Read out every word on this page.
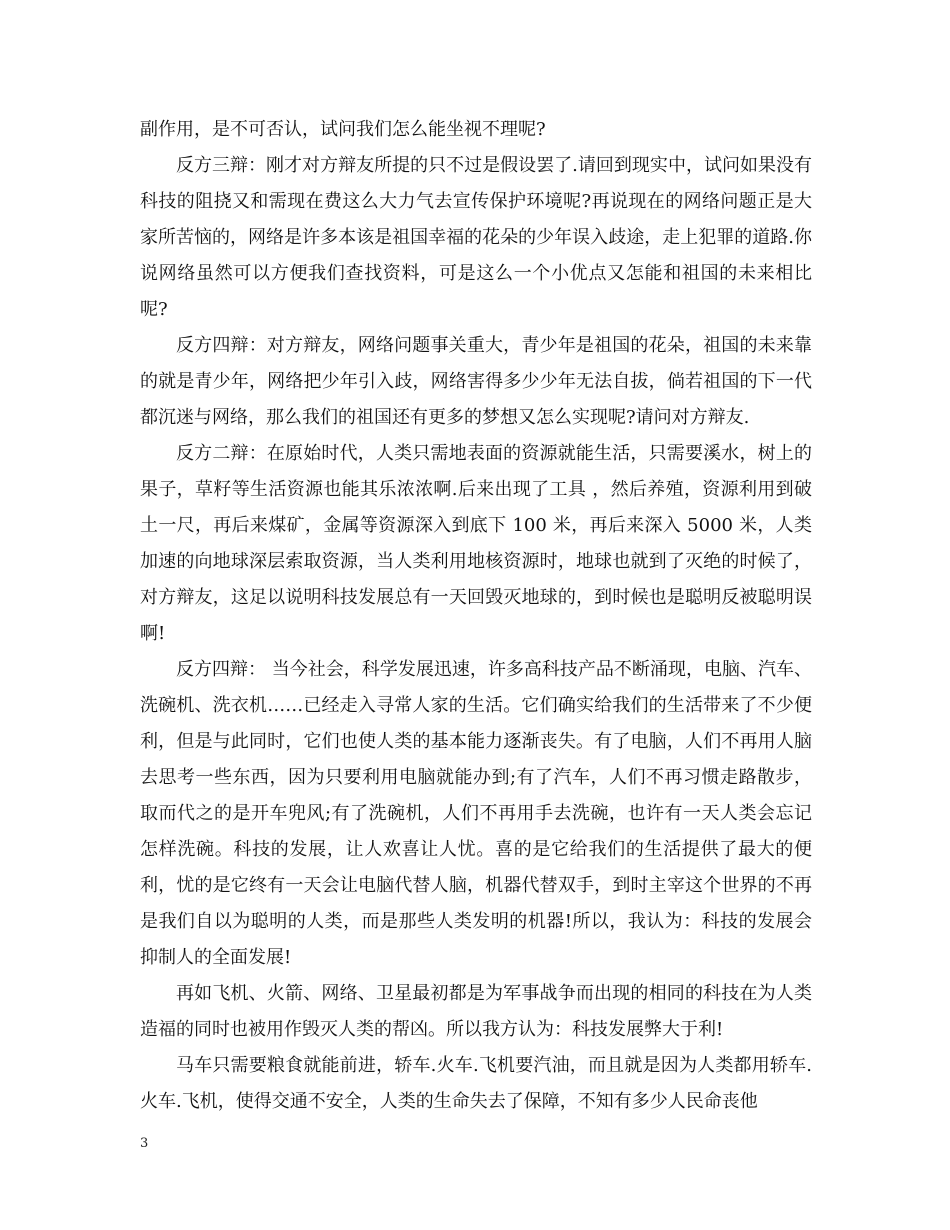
副作用，是不可否认，试问我们怎么能坐视不理呢?

反方三辩：刚才对方辩友所提的只不过是假设罢了.请回到现实中，试问如果没有科技的阻挠又和需现在费这么大力气去宣传保护环境呢?再说现在的网络问题正是大家所苦恼的，网络是许多本该是祖国幸福的花朵的少年误入歧途，走上犯罪的道路.你说网络虽然可以方便我们查找资料，可是这么一个小优点又怎能和祖国的未来相比呢?

反方四辩：对方辩友，网络问题事关重大，青少年是祖国的花朵，祖国的未来靠的就是青少年，网络把少年引入歧，网络害得多少少年无法自拔，倘若祖国的下一代都沉迷与网络，那么我们的祖国还有更多的梦想又怎么实现呢?请问对方辩友.

反方二辩：在原始时代，人类只需地表面的资源就能生活，只需要溪水，树上的果子，草籽等生活资源也能其乐浓浓啊.后来出现了工具 ，然后养殖，资源利用到破土一尺，再后来煤矿，金属等资源深入到底下 100 米，再后来深入 5000 米，人类加速的向地球深层索取资源，当人类利用地核资源时，地球也就到了灭绝的时候了，对方辩友，这足以说明科技发展总有一天回毁灭地球的，到时候也是聪明反被聪明误啊!

反方四辩： 当今社会，科学发展迅速，许多高科技产品不断涌现，电脑、汽车、洗碗机、洗衣机……已经走入寻常人家的生活。它们确实给我们的生活带来了不少便利，但是与此同时，它们也使人类的基本能力逐渐丧失。有了电脑，人们不再用人脑去思考一些东西，因为只要利用电脑就能办到;有了汽车，人们不再习惯走路散步，取而代之的是开车兜风;有了洗碗机，人们不再用手去洗碗，也许有一天人类会忘记怎样洗碗。科技的发展，让人欢喜让人忧。喜的是它给我们的生活提供了最大的便利，忧的是它终有一天会让电脑代替人脑，机器代替双手，到时主宰这个世界的不再是我们自以为聪明的人类，而是那些人类发明的机器!所以，我认为：科技的发展会抑制人的全面发展!

再如飞机、火箭、网络、卫星最初都是为军事战争而出现的相同的科技在为人类造福的同时也被用作毁灭人类的帮凶。所以我方认为：科技发展弊大于利!

马车只需要粮食就能前进，轿车.火车.飞机要汽油，而且就是因为人类都用轿车.火车.飞机，使得交通不安全，人类的生命失去了保障，不知有多少人民命丧他

3
